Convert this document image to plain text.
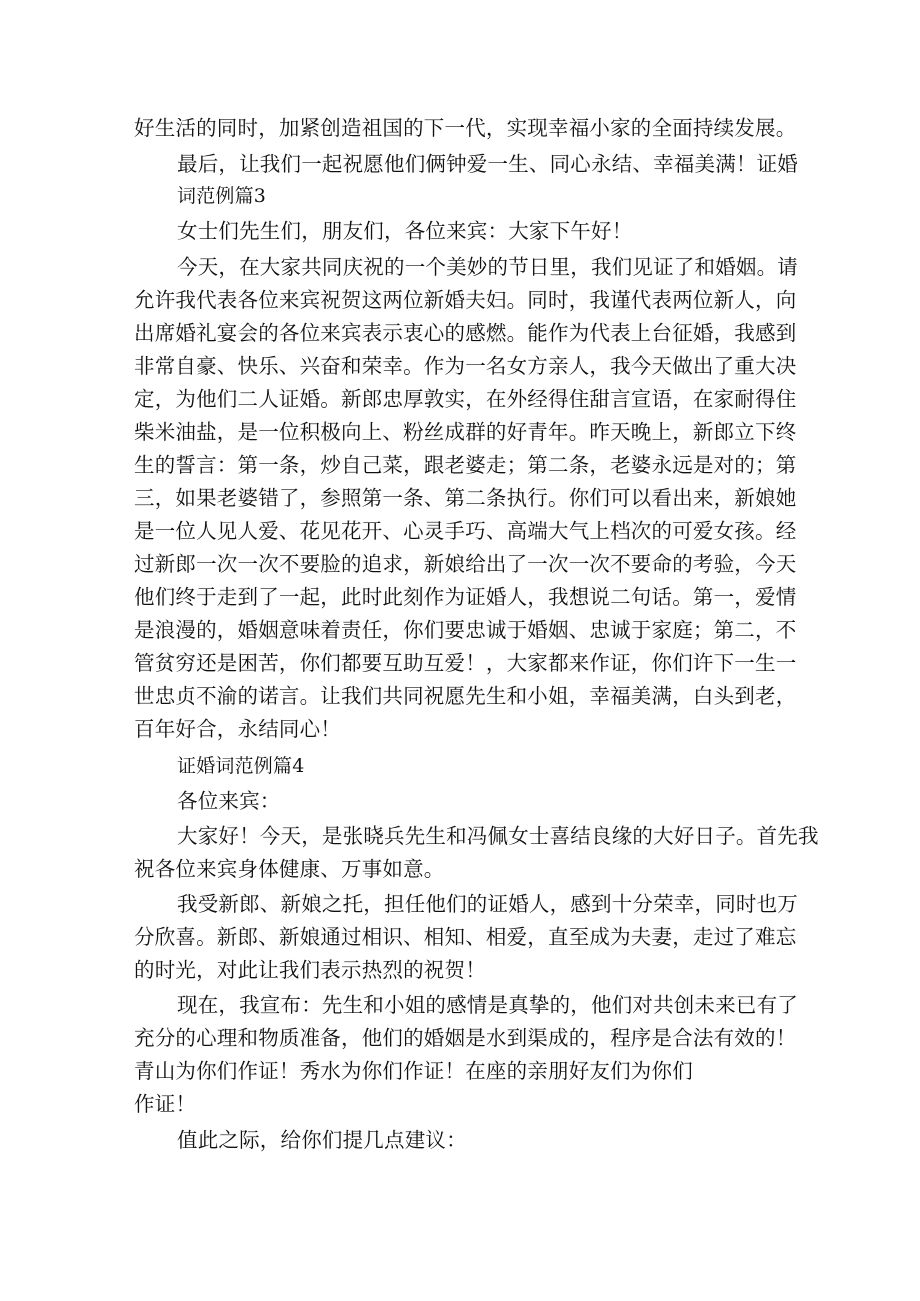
好生活的同时，加紧创造祖国的下一代，实现幸福小家的全面持续发展。
最后，让我们一起祝愿他们俩钟爱一生、同心永结、幸福美满！证婚
词范例篇3
女士们先生们，朋友们，各位来宾：大家下午好！
今天，在大家共同庆祝的一个美妙的节日里，我们见证了和婚姻。请
允许我代表各位来宾祝贺这两位新婚夫妇。同时，我谨代表两位新人，向
出席婚礼宴会的各位来宾表示衷心的感燃。能作为代表上台征婚，我感到
非常自豪、快乐、兴奋和荣幸。作为一名女方亲人，我今天做出了重大决
定，为他们二人证婚。新郎忠厚敦实，在外经得住甜言宣语，在家耐得住
柴米油盐，是一位积极向上、粉丝成群的好青年。昨天晚上，新郎立下终
生的誓言：第一条，炒自己菜，跟老婆走；第二条，老婆永远是对的；第
三，如果老婆错了，参照第一条、第二条执行。你们可以看出来，新娘她
是一位人见人爱、花见花开、心灵手巧、高端大气上档次的可爱女孩。经
过新郎一次一次不要脸的追求，新娘给出了一次一次不要命的考验，今天
他们终于走到了一起，此时此刻作为证婚人，我想说二句话。第一，爱情
是浪漫的，婚姻意味着责任，你们要忠诚于婚姻、忠诚于家庭；第二，不
管贫穷还是困苦，你们都要互助互爱！，大家都来作证，你们许下一生一
世忠贞不渝的诺言。让我们共同祝愿先生和小姐，幸福美满，白头到老，
百年好合，永结同心！
证婚词范例篇4
各位来宾：
大家好！今天，是张晓兵先生和冯佩女士喜结良缘的大好日子。首先我
祝各位来宾身体健康、万事如意。
我受新郎、新娘之托，担任他们的证婚人，感到十分荣幸，同时也万
分欣喜。新郎、新娘通过相识、相知、相爱，直至成为夫妻，走过了难忘
的时光，对此让我们表示热烈的祝贺！
现在，我宣布：先生和小姐的感情是真挚的，他们对共创未来已有了
充分的心理和物质准备，他们的婚姻是水到渠成的，程序是合法有效的！
青山为你们作证！秀水为你们作证！在座的亲朋好友们为你们
作证！
值此之际，给你们提几点建议：
